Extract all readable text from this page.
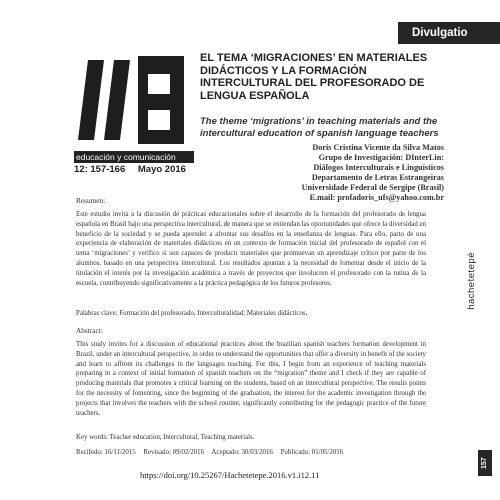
Divulgatio
educación y comunicación
12: 157-166 Mayo 2016
EL TEMA ‘MIGRACIONES’ EN MATERIALES DIDÁCTICOS Y LA FORMACIÓN INTERCULTURAL DEL PROFESORADO DE LENGUA ESPAÑOLA
The theme ‘migrations’ in teaching materials and the intercultural education of spanish language teachers
Doris Cristina Vicente da Silva Matos
Grupo de Investigación: DInterLin:
Diálogos Interculturais e Linguísticos
Departamento de Letras Estrangeiras
Universidade Federal de Sergipe (Brasil)
E.mail: profadoris_ufs@yahoo.com.br
Resumen:
Este estudio invita a la discusión de prácticas educacionales sobre el desarrollo de la formación del profesorado de lengua española en Brasil bajo una perspectiva intercultural, de manera que se entiendan las oportunidades que ofrece la diversidad en beneficio de la sociedad y se pueda aprender a afrontar sus desafíos en la enseñanza de lenguas. Para ello, parto de una experiencia de elaboración de materiales didácticos en un contexto de formación inicial del profesorado de español con el tema ‘migraciones’ y verifico si son capaces de producir materiales que promuevan un aprendizaje crítico por parte de los alumnos, basado en una perspectiva intercultural. Los resultados apuntan a la necesidad de fomentar desde el inicio de la titulación el interés por la investigación académica a través de proyectos que involucren el profesorado con la rutina de la escuela, contribuyendo significativamente a la práctica pedagógica de los futuros profesores.
Palabras clave: Formación del profesorado, Interculturalidad; Materiales didácticos.
Abstract:
This study invites for a discussion of educational practices about the brazilian spanish teachers formation development in Brazil, under an intercultural perspective, in order to understand the opportunities that offer a diversity in benefit of the society and learn to affront its challenges in the languages teaching. For this, I begin from an experience of teaching materials preparing in a context of initial formation of spanish teachers on the “migration” theme and I check if they are capable of producing materials that promotes a critical learning on the students, based on an intercultural perspective. The results points for the necessity of fomenting, since the beginning of the graduation, the interest for the academic investigation through the projects that involves the teachers with the school routine, significantly contributing for the pedagogic practice of the future teachers.
Key words: Teacher education, Intercultural, Teaching materials.
Recibido: 16/11/2015 Revisado: 09/02/2016 Aceptado: 30/03/2016 Publicado: 01/05/2016
hachetetepé
https://doi.org/10.25267/Hachetetepe.2016.v1.i12.11
157
